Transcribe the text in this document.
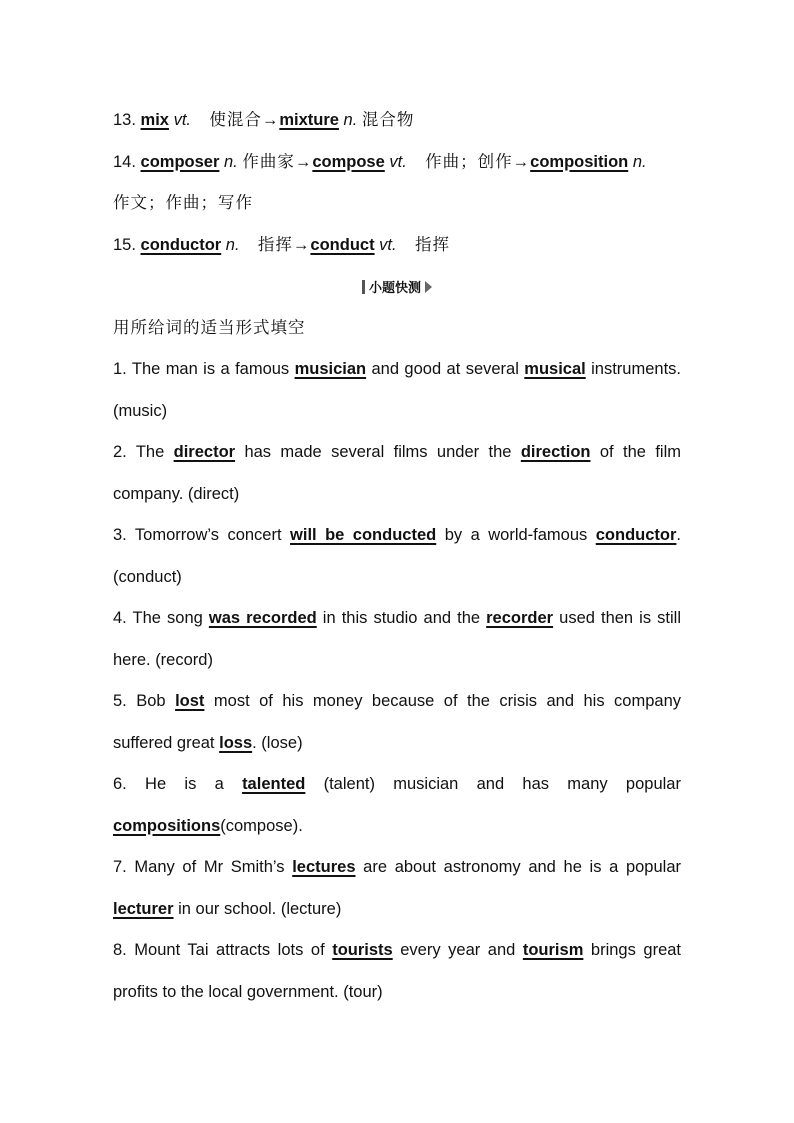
13. mix vt. 使混合→mixture n. 混合物
14. composer n. 作曲家→compose vt. 作曲；创作→composition n.
作文；作曲；写作
15. conductor n. 指挥→conduct vt. 指挥
小题快测
用所给词的适当形式填空
1. The man is a famous musician and good at several musical instruments.
(music)
2. The director has made several films under the direction of the film
company. (direct)
3. Tomorrow’s concert will be conducted by a world-famous conductor.
(conduct)
4. The song was recorded in this studio and the recorder used then is still
here. (record)
5. Bob lost most of his money because of the crisis and his company
suffered great loss. (lose)
6. He is a talented (talent) musician and has many popular
compositions(compose).
7. Many of Mr Smith’s lectures are about astronomy and he is a popular
lecturer in our school. (lecture)
8. Mount Tai attracts lots of tourists every year and tourism brings great
profits to the local government. (tour)
